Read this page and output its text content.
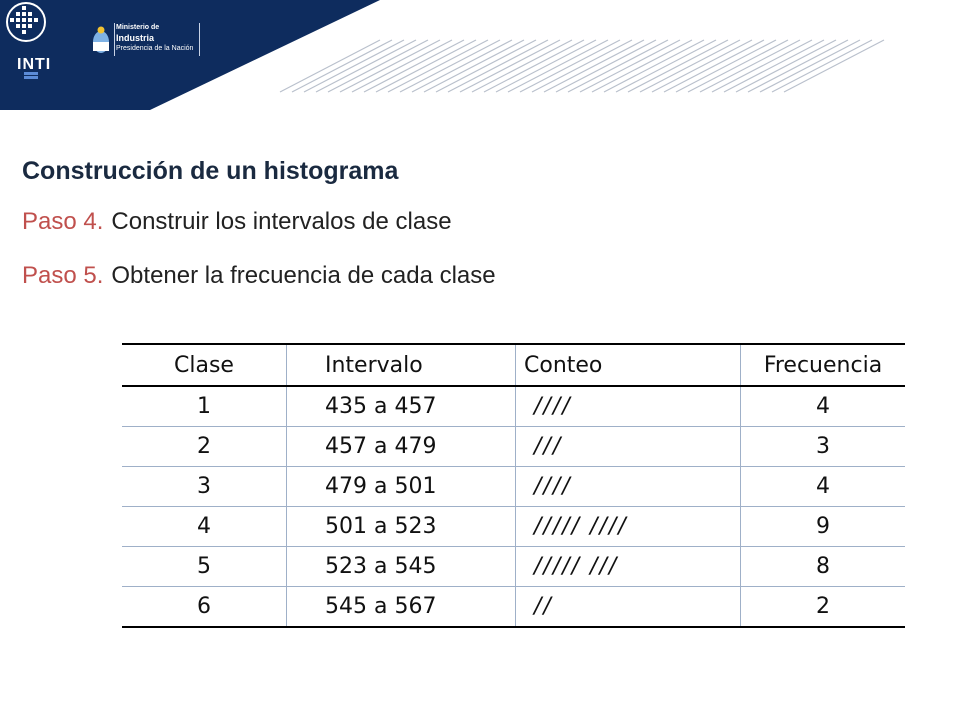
INTI
Ministerio de
Industria
Presidencia de la Nación
Construcción de un histograma
Paso 4. Construir los intervalos de clase
Paso 5. Obtener la frecuencia de cada clase
Clase	Intervalo	Conteo	Frecuencia
1	435 a 457	////	4
2	457 a 479	///	3
3	479 a 501	////	4
4	501 a 523	///// ////	9
5	523 a 545	///// ///	8
6	545 a 567	//	2
